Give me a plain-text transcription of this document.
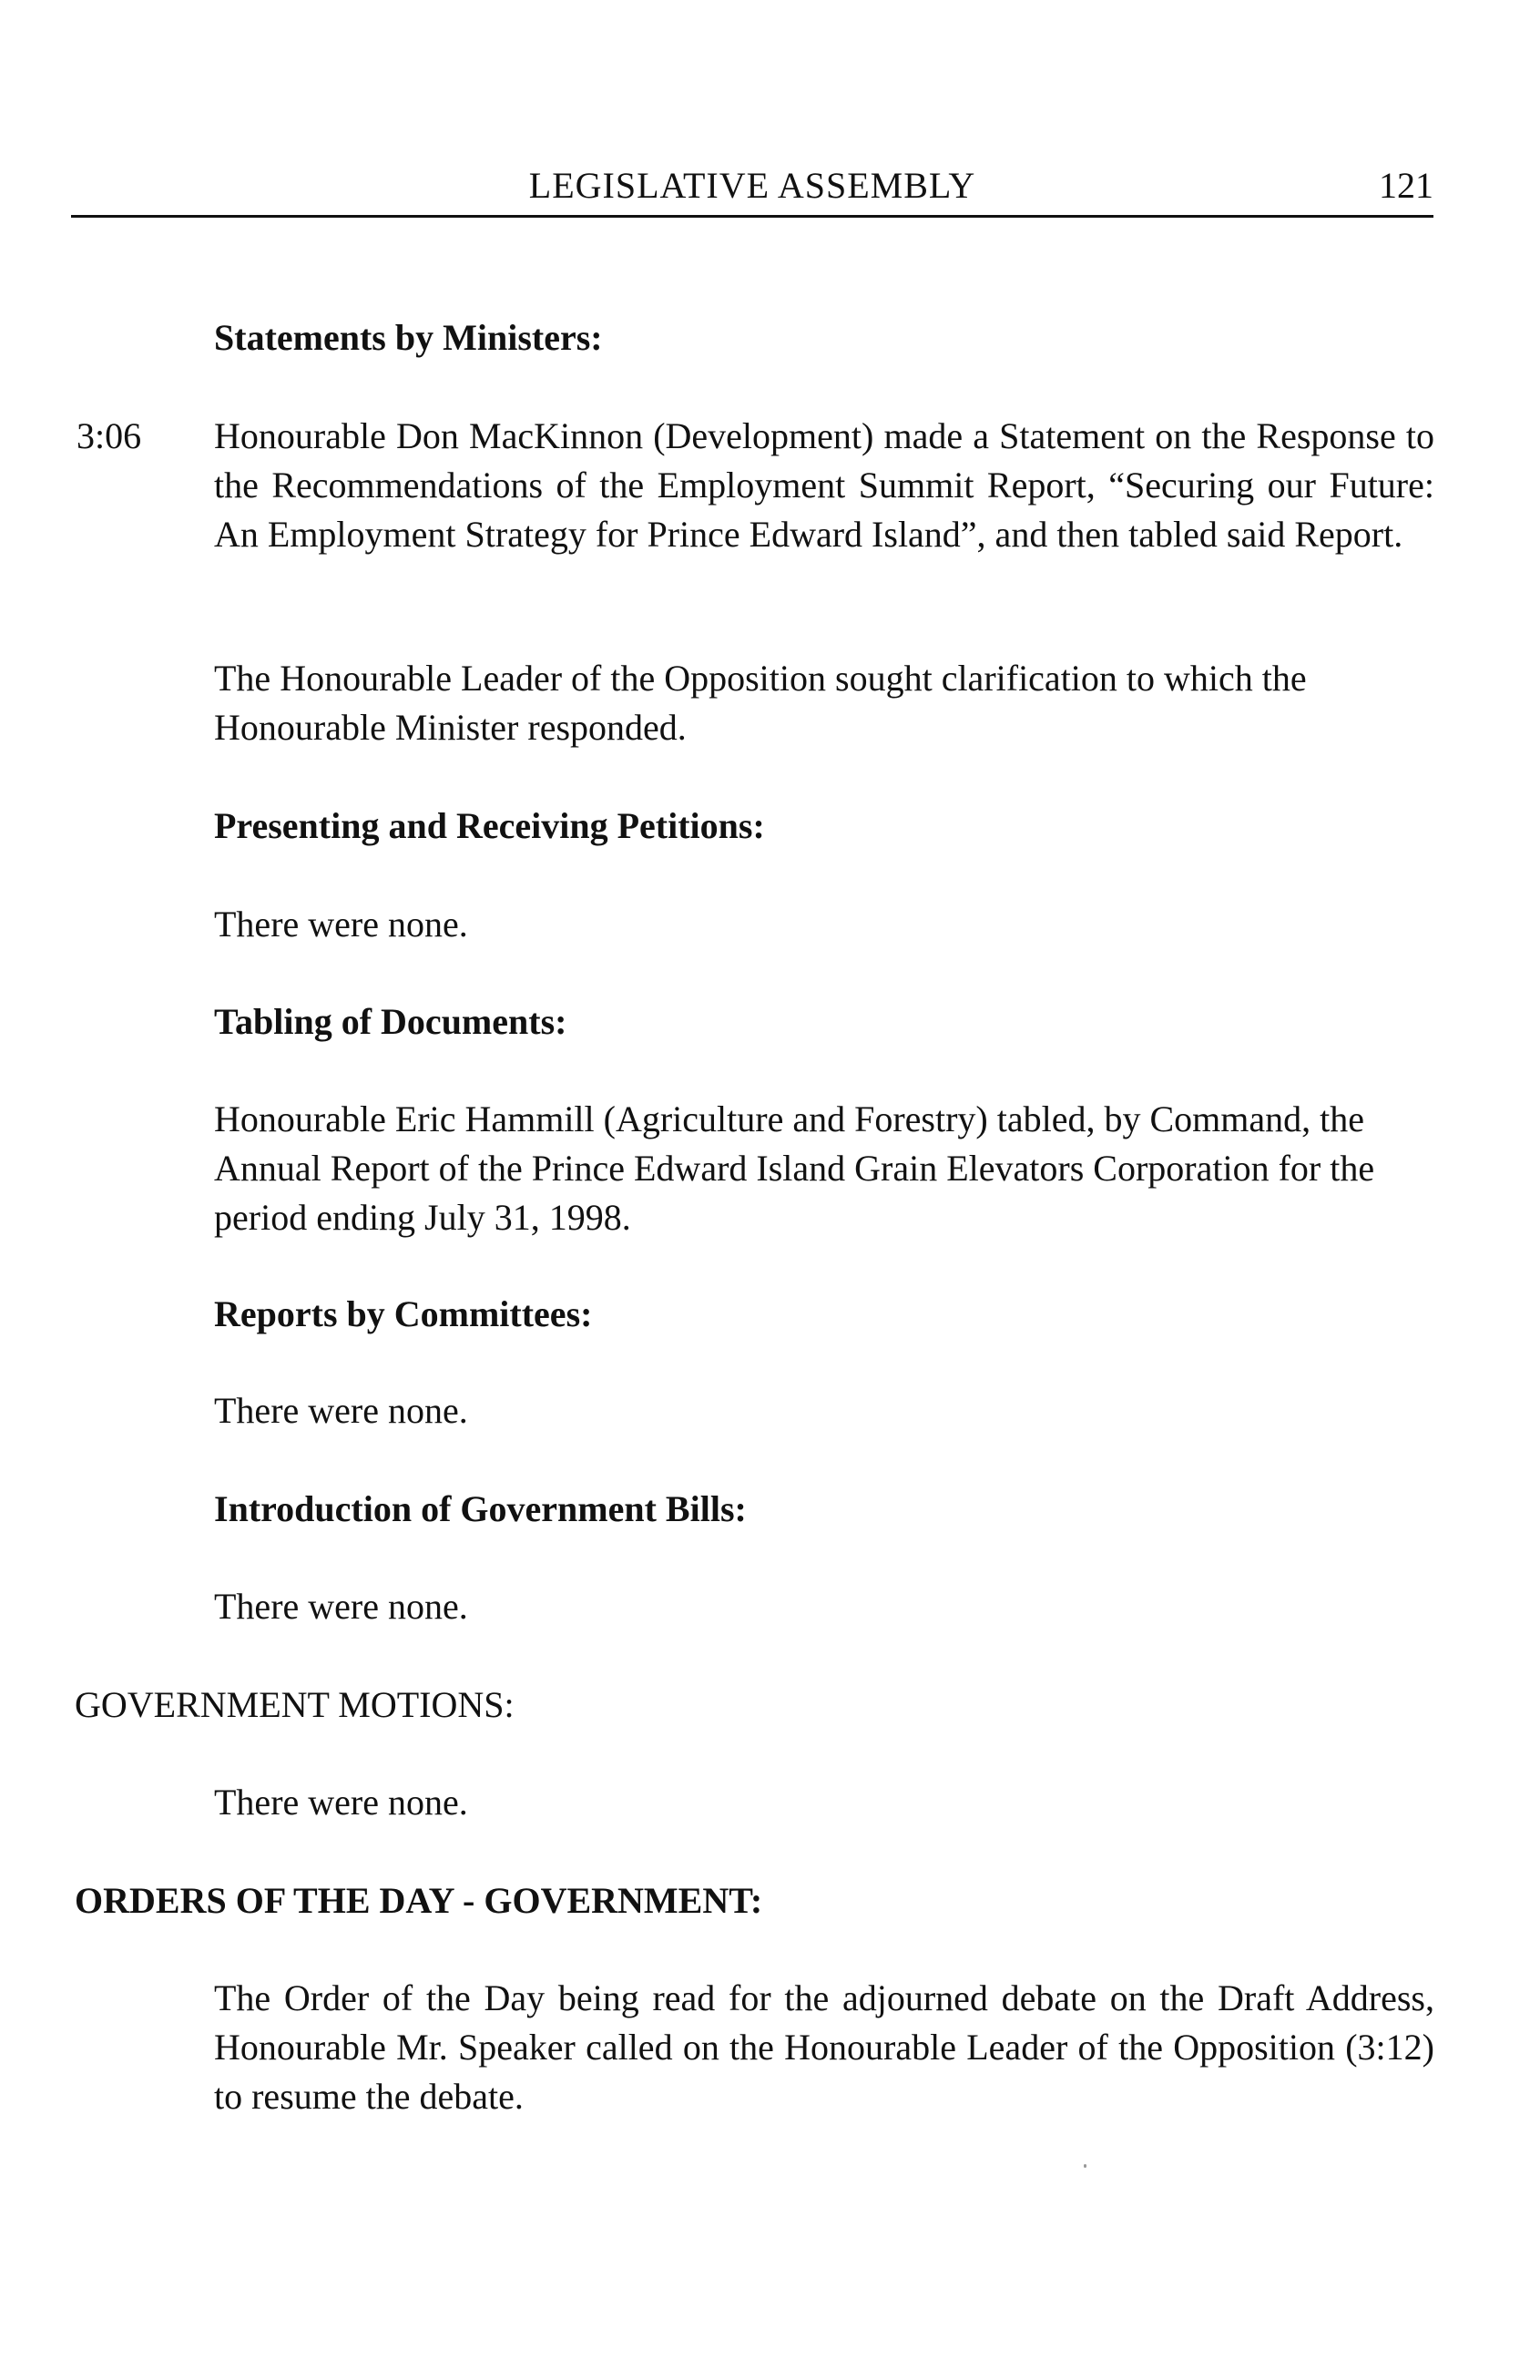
LEGISLATIVE ASSEMBLY	121
Statements by Ministers:
3:06 Honourable Don MacKinnon (Development) made a Statement on the Response to the Recommendations of the Employment Summit Report, “Securing our Future: An Employment Strategy for Prince Edward Island”, and then tabled said Report.

The Honourable Leader of the Opposition sought clarification to which the Honourable Minister responded.

Presenting and Receiving Petitions:

There were none.

Tabling of Documents:

Honourable Eric Hammill (Agriculture and Forestry) tabled, by Command, the Annual Report of the Prince Edward Island Grain Elevators Corporation for the period ending July 31, 1998.

Reports by Committees:

There were none.

Introduction of Government Bills:

There were none.

GOVERNMENT MOTIONS:

There were none.

ORDERS OF THE DAY - GOVERNMENT:

The Order of the Day being read for the adjourned debate on the Draft Address, Honourable Mr. Speaker called on the Honourable Leader of the Opposition (3:12) to resume the debate.
